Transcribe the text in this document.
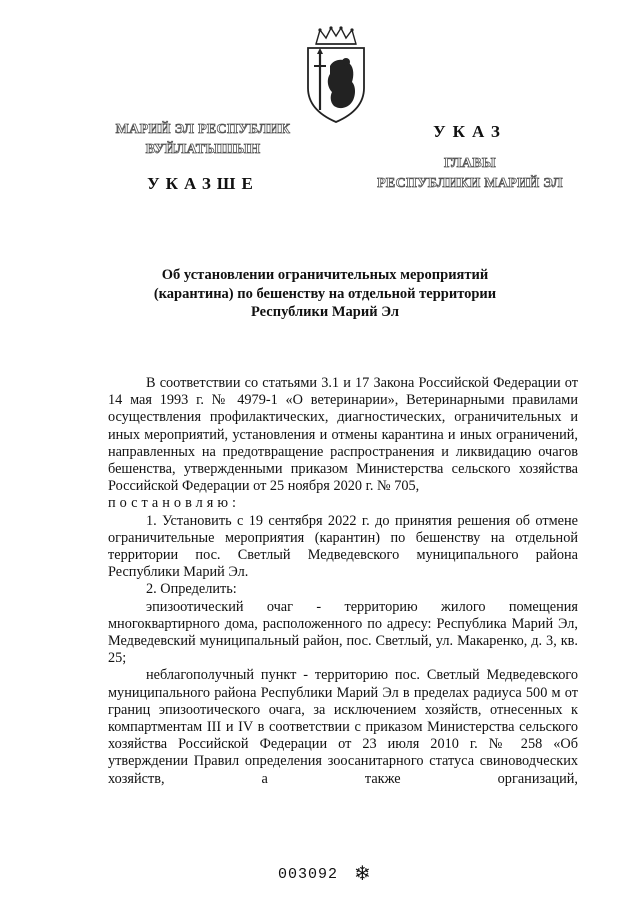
МАРИЙ ЭЛ РЕСПУБЛИК
ВУЙЛАТЫШЫН
УКАЗШЕ
УКАЗ
ГЛАВЫ
РЕСПУБЛИКИ МАРИЙ ЭЛ
Об установлении ограничительных мероприятий
(карантина) по бешенству на отдельной территории
Республики Марий Эл

В соответствии со статьями 3.1 и 17 Закона Российской Федерации от 14 мая 1993 г. № 4979-1 «О ветеринарии», Ветеринарными правилами осуществления профилактических, диагностических, ограничительных и иных мероприятий, установления и отмены карантина и иных ограничений, направленных на предотвращение распространения и ликвидацию очагов бешенства, утвержденными приказом Министерства сельского хозяйства Российской Федерации от 25 ноября 2020 г. № 705,

постановляю:

1. Установить с 19 сентября 2022 г. до принятия решения об отмене ограничительные мероприятия (карантин) по бешенству на отдельной территории пос. Светлый Медведевского муниципального района Республики Марий Эл.

2. Определить:

эпизоотический очаг - территорию жилого помещения многоквартирного дома, расположенного по адресу: Республика Марий Эл, Медведевский муниципальный район, пос. Светлый, ул. Макаренко, д. 3, кв. 25;

неблагополучный пункт - территорию пос. Светлый Медведевского муниципального района Республики Марий Эл в пределах радиуса 500 м от границ эпизоотического очага, за исключением хозяйств, отнесенных к компартментам III и IV в соответствии с приказом Министерства сельского хозяйства Российской Федерации от 23 июля 2010 г. № 258 «Об утверждении Правил определения зоосанитарного статуса свиноводческих хозяйств, а также организаций,

003092 ❄
